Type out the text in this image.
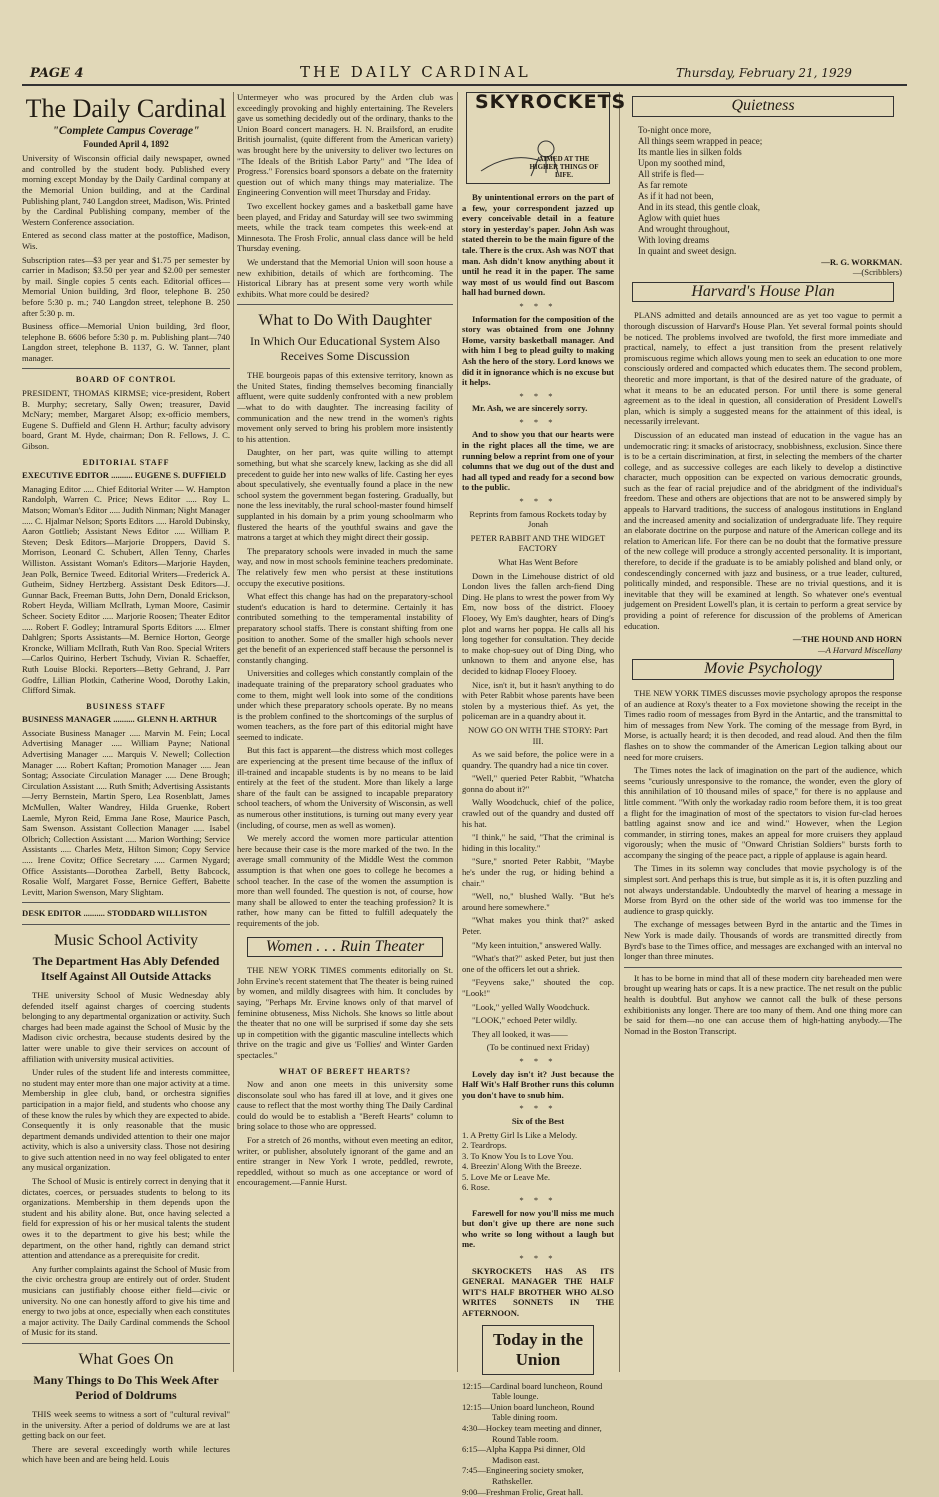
PAGE 4	THE DAILY CARDINAL	Thursday, February 21, 1929
The Daily Cardinal
"Complete Campus Coverage"
Founded April 4, 1892

University of Wisconsin official daily newspaper, owned and controlled by the student body. Published every morning except Monday by the Daily Cardinal company at the Memorial Union building, and at the Cardinal Publishing plant, 740 Langdon street, Madison, Wis. Printed by the Cardinal Publishing company, member of the Western Conference association.

Entered as second class matter at the postoffice, Madison, Wis.

Subscription rates—$3 per year and $1.75 per semester by carrier in Madison; $3.50 per year and $2.00 per semester by mail. Single copies 5 cents each. Editorial offices—Memorial Union building, 3rd floor, telephone B. 250 before 5:30 p. m.; 740 Langdon street, telephone B. 250 after 5:30 p. m.

Business office—Memorial Union building, 3rd floor, telephone B. 6606 before 5:30 p. m. Publishing plant—740 Langdon street, telephone B. 1137, G. W. Tanner, plant manager.

BOARD OF CONTROL

PRESIDENT, THOMAS KIRMSE; vice-president, Robert B. Murphy; secretary, Sally Owen; treasurer, David McNary; member, Margaret Alsop; ex-officio members, Eugene S. Duffield and Glenn H. Arthur; faculty advisory board, Grant M. Hyde, chairman; Don R. Fellows, J. C. Gibson.

EDITORIAL STAFF

EXECUTIVE EDITOR .......... EUGENE S. DUFFIELD

Managing Editor ..... Chief Editorial Writer — W. Hampton Randolph, Warren C. Price; News Editor ..... Roy L. Matson; Woman's Editor ..... Judith Ninman; Night Manager ..... C. Hjalmar Nelson; Sports Editors ..... Harold Dubinsky, Aaron Gottlieb; Assistant News Editor ..... William P. Steven; Desk Editors—Marjorie Droppers, David S. Morrison, Leonard C. Schubert, Allen Tenny, Charles Williston. Assistant Woman's Editors—Marjorie Hayden, Jean Polk, Bernice Tweed. Editorial Writers—Frederick A. Gutheim, Sidney Hertzberg. Assistant Desk Editors—J. Gunnar Back, Freeman Butts, John Dern, Donald Erickson, Robert Heyda, William McIlrath, Lyman Moore, Casimir Scheer. Society Editor ..... Marjorie Roosen; Theater Editor ..... Robert F. Godley; Intramural Sports Editors ..... Elmer Dahlgren; Sports Assistants—M. Bernice Horton, George Kroncke, William McIlrath, Ruth Van Roo. Special Writers—Carlos Quirino, Herbert Tschudy, Vivian R. Schaeffer, Ruth Louise Blocki. Reporters—Betty Gehrand, J. Parr Godfre, Lillian Plotkin, Catherine Wood, Dorothy Lakin, Clifford Simak.

BUSINESS STAFF

BUSINESS MANAGER .......... GLENN H. ARTHUR

Associate Business Manager ..... Marvin M. Fein; Local Advertising Manager ..... William Payne; National Advertising Manager ..... Marquis V. Newell; Collection Manager ..... Robert Kaftan; Promotion Manager ..... Jean Sontag; Associate Circulation Manager ..... Dene Brough; Circulation Assistant ..... Ruth Smith; Advertising Assistants—Jerry Bernstein, Martin Spero, Lea Rosenblatt, James McMullen, Walter Wandrey, Hilda Gruenke, Robert Laemle, Myron Reid, Emma Jane Rose, Maurice Pasch, Sam Swenson. Assistant Collection Manager ..... Isabel Olbrich; Collection Assistant ..... Marion Worthing; Service Assistants ..... Charles Metz, Hilton Simon; Copy Service ..... Irene Covitz; Office Secretary ..... Carmen Nygard; Office Assistants—Dorothea Zarbell, Betty Babcock, Rosalie Wolf, Margaret Fosse, Bernice Geffert, Babette Levitt, Marion Swenson, Mary Slightam.

DESK EDITOR .......... STODDARD WILLISTON

Music School Activity
The Department Has Ably Defended Itself Against All Outside Attacks

THE university School of Music Wednesday ably defended itself against charges of coercing students belonging to any departmental organization or activity. Such charges had been made against the School of Music by the Madison civic orchestra, because students desired by the latter were unable to give their services on account of affiliation with university musical activities.

Under rules of the student life and interests committee, no student may enter more than one major activity at a time. Membership in glee club, band, or orchestra signifies participation in a major field, and students who choose any of these know the rules by which they are expected to abide. Consequently it is only reasonable that the music department demands undivided attention to their one major activity, which is also a university class. Those not desiring to give such attention need in no way feel obligated to enter any musical organization.

The School of Music is entirely correct in denying that it dictates, coerces, or persuades students to belong to its organizations. Membership in them depends upon the student and his ability alone. But, once having selected a field for expression of his or her musical talents the student owes it to the department to give his best; while the department, on the other hand, rightly can demand strict attention and attendance as a prerequisite for credit.

Any further complaints against the School of Music from the civic orchestra group are entirely out of order. Student musicians can justifiably choose either field—civic or university. No one can honestly afford to give his time and energy to two jobs at once, especially when each constitutes a major activity. The Daily Cardinal commends the School of Music for its stand.

What Goes On
Many Things to Do This Week After Period of Doldrums

THIS week seems to witness a sort of "cultural revival" in the university. After a period of doldrums we are at last getting back on our feet.

There are several exceedingly worth while lectures which have been and are being held. Louis

Untermeyer who was procured by the Arden club was exceedingly provoking and highly entertaining. The Revelers gave us something decidedly out of the ordinary, thanks to the Union Board concert managers. H. N. Brailsford, an erudite British journalist, (quite different from the American variety) was brought here by the university to deliver two lectures on "The Ideals of the British Labor Party" and "The Idea of Progress." Forensics board sponsors a debate on the fraternity question out of which many things may materialize. The Engineering Convention will meet Thursday and Friday.

Two excellent hockey games and a basketball game have been played, and Friday and Saturday will see two swimming meets, while the track team competes this week-end at Minnesota. The Frosh Frolic, annual class dance will be held Thursday evening.

We understand that the Memorial Union will soon house a new exhibition, details of which are forthcoming. The Historical Library has at present some very worth while exhibits. What more could be desired?

What to Do With Daughter
In Which Our Educational System Also Receives Some Discussion

THE bourgeois papas of this extensive territory, known as the United States, finding themselves becoming financially affluent, were quite suddenly confronted with a new problem—what to do with daughter. The increasing facility of communication and the new trend in the women's rights movement only served to bring his problem more insistently to his attention.

Daughter, on her part, was quite willing to attempt something, but what she scarcely knew, lacking as she did all precedent to guide her into new walks of life. Casting her eyes about speculatively, she eventually found a place in the new school system the government began fostering. Gradually, but none the less inevitably, the rural school-master found himself supplanted in his domain by a prim young schoolmarm who flustered the hearts of the youthful swains and gave the matrons a target at which they might direct their gossip.

The preparatory schools were invaded in much the same way, and now in most schools feminine teachers predominate. The relatively few men who persist at these institutions occupy the executive positions.

What effect this change has had on the preparatory-school student's education is hard to determine. Certainly it has contributed something to the temperamental instability of preparatory school staffs. There is constant shifting from one position to another. Some of the smaller high schools never get the benefit of an experienced staff because the personnel is constantly changing.

Universities and colleges which constantly complain of the inadequate training of the preparatory school graduates who come to them, might well look into some of the conditions under which these preparatory schools operate. By no means is the problem confined to the shortcomings of the surplus of women teachers, as the fore part of this editorial might have seemed to indicate.

But this fact is apparent—the distress which most colleges are experiencing at the present time because of the influx of ill-trained and incapable students is by no means to be laid entirely at the feet of the student. More than likely a large share of the fault can be assigned to incapable preparatory school teachers, of whom the University of Wisconsin, as well as numerous other institutions, is turning out many every year (including, of course, men as well as women).

We merely accord the women more particular attention here because their case is the more marked of the two. In the average small community of the Middle West the common assumption is that when one goes to college he becomes a school teacher. In the case of the women the assumption is more than well founded. The question is not, of course, how many shall be allowed to enter the teaching profession? It is rather, how many can be fitted to fulfill adequately the requirements of the job.

Women . . . Ruin Theater

THE NEW YORK TIMES comments editorially on St. John Ervine's recent statement that The theater is being ruined by women, and mildly disagrees with him. It concludes by saying, "Perhaps Mr. Ervine knows only of that marvel of feminine obtuseness, Miss Nichols. She knows so little about the theater that no one will be surprised if some day she sets up in competition with the gigantic masculine intellects which thrive on the tragic and give us 'Follies' and Winter Garden spectacles."

WHAT OF BEREFT HEARTS?

Now and anon one meets in this university some disconsolate soul who has fared ill at love, and it gives one cause to reflect that the most worthy thing The Daily Cardinal could do would be to establish a "Bereft Hearts" column to bring solace to those who are oppressed.

For a stretch of 26 months, without even meeting an editor, writer, or publisher, absolutely ignorant of the game and an entire stranger in New York I wrote, peddled, rewrote, repeddled, without so much as one acceptance or word of encouragement.—Fannie Hurst.

SKYROCKETS
AIMED AT THE HIGHER THINGS OF LIFE.

By unintentional errors on the part of a few, your correspondent jazzed up every conceivable detail in a feature story in yesterday's paper. John Ash was stated therein to be the main figure of the tale. There is the crux. Ash was NOT that man. Ash didn't know anything about it until he read it in the paper. The same way most of us would find out Bascom hall had burned down.

* * *

Information for the composition of the story was obtained from one Johnny Home, varsity basketball manager. And with him I beg to plead guilty to making Ash the hero of the story. Lord knows we did it in ignorance which is no excuse but it helps.

* * *

Mr. Ash, we are sincerely sorry.

* * *

And to show you that our hearts were in the right places all the time, we are running below a reprint from one of your columns that we dug out of the dust and had all typed and ready for a second bow to the public.

* * *

Reprints from famous Rockets today by Jonah

PETER RABBIT AND THE WIDGET FACTORY

What Has Went Before

Down in the Limehouse district of old London lives the fallen arch-fiend Ding Ding. He plans to wrest the power from Wy Em, now boss of the district. Flooey Flooey, Wy Em's daughter, hears of Ding's plot and warns her poppa. He calls all his long together for consultation. They decide to make chop-suey out of Ding Ding, who unknown to them and anyone else, has decided to kidnap Flooey Flooey.

Nice, isn't it, but it hasn't anything to do with Peter Rabbit whose parents have been stolen by a mysterious thief. As yet, the policeman are in a quandry about it.

NOW GO ON WITH THE STORY: Part III.

As we said before, the police were in a quandry. The quandry had a nice tin cover.

"Well," queried Peter Rabbit, "Whatcha gonna do about it?"

Wally Woodchuck, chief of the police, crawled out of the quandry and dusted off his hat.

"I think," he said, "That the criminal is hiding in this locality."

"Sure," snorted Peter Rabbit, "Maybe he's under the rug, or hiding behind a chair."

"Well, no," blushed Wally. "But he's around here somewhere."

"What makes you think that?" asked Peter.

"My keen intuition," answered Wally.

"What's that?" asked Peter, but just then one of the officers let out a shriek.

"Feyvens sake," shouted the cop. "Look!"

"Look," yelled Wally Woodchuck.

"LOOK," echoed Peter wildly.

They all looked, it was——

(To be continued next Friday)

* * *

Lovely day isn't it? Just because the Half Wit's Half Brother runs this column you don't have to snub him.

* * *

Six of the Best

1. A Pretty Girl Is Like a Melody.
2. Teardrops.
3. To Know You Is to Love You.
4. Breezin' Along With the Breeze.
5. Love Me or Leave Me.
6. Rose.
* * *

Farewell for now you'll miss me much but don't give up there are none such who write so long without a laugh but me.

* * *

SKYROCKETS HAS AS ITS GENERAL MANAGER THE HALF WIT'S HALF BROTHER WHO ALSO WRITES SONNETS IN THE AFTERNOON.

Today in the Union
12:15—Cardinal board luncheon, Round Table lounge.
12:15—Union board luncheon, Round Table dining room.
4:30—Hockey team meeting and dinner, Round Table room.
6:15—Alpha Kappa Psi dinner, Old Madison east.
7:45—Engineering society smoker, Rathskeller.
9:00—Freshman Frolic, Great hall.
Quietness
To-night once more,
All things seem wrapped in peace;
Its mantle lies in silken folds
Upon my soothed mind,
All strife is fled—
As far remote
As if it had not been,
And in its stead, this gentle cloak,
Aglow with quiet hues
And wrought throughout,
With loving dreams
In quaint and sweet design.
—R. G. WORKMAN.
—(Scribblers)
Harvard's House Plan

PLANS admitted and details announced are as yet too vague to permit a thorough discussion of Harvard's House Plan. Yet several formal points should be noticed. The problems involved are twofold, the first more immediate and practical, namely, to effect a just transition from the present relatively promiscuous regime which allows young men to seek an education to one more consciously ordered and compacted which educates them. The second problem, theoretic and more important, is that of the desired nature of the graduate, of what it means to be an educated person. For until there is some general agreement as to the ideal in question, all consideration of President Lowell's plan, which is simply a suggested means for the attainment of this ideal, is necessarily irrelevant.

Discussion of an educated man instead of education in the vague has an undemocratic ring: it smacks of aristocracy, snobbishness, exclusion. Since there is to be a certain discrimination, at first, in selecting the members of the charter college, and as successive colleges are each likely to develop a distinctive character, much opposition can be expected on various democratic grounds, such as the fear of racial prejudice and of the abridgment of the individual's freedom. These and others are objections that are not to be answered simply by appeals to Harvard traditions, the success of analogous institutions in England and the increased amenity and socialization of undergraduate life. They require an elaborate doctrine on the purpose and nature of the American college and its relation to American life. For there can be no doubt that the formative pressure of the new college will produce a strongly accented personality. It is important, therefore, to decide if the graduate is to be amiably polished and bland only, or condescendingly concerned with jazz and business, or a true leader, cultured, politically minded, and responsible. These are no trivial questions, and it is inevitable that they will be examined at length. So whatever one's eventual judgement on President Lowell's plan, it is certain to perform a great service by providing a point of reference for discussion of the problems of American education.

—THE HOUND AND HORN
—A Harvard Miscellany
Movie Psychology

THE NEW YORK TIMES discusses movie psychology apropos the response of an audience at Roxy's theater to a Fox movietone showing the receipt in the Times radio room of messages from Byrd in the Antartic, and the transmittal to him of messages from New York. The coming of the message from Byrd, in Morse, is actually heard; it is then decoded, and read aloud. And then the film flashes on to show the commander of the American Legion talking about our need for more cruisers.

The Times notes the lack of imagination on the part of the audience, which seems "curiously unresponsive to the romance, the wonder, even the glory of this annihilation of 10 thousand miles of space," for there is no applause and little comment. "With only the workaday radio room before them, it is too great a flight for the imagination of most of the spectators to vision fur-clad heroes battling against snow and ice and wind." However, when the Legion commander, in stirring tones, makes an appeal for more cruisers they applaud vigorously; when the music of "Onward Christian Soldiers" bursts forth to accompany the singing of the peace pact, a ripple of applause is again heard.

The Times in its solemn way concludes that movie psychology is of the simplest sort. And perhaps this is true, but simple as it is, it is often puzzling and not always understandable. Undoubtedly the marvel of hearing a message in Morse from Byrd on the other side of the world was too immense for the audience to grasp quickly.

The exchange of messages between Byrd in the antartic and the Times in New York is made daily. Thousands of words are transmitted directly from Byrd's base to the Times office, and messages are exchanged with an interval no longer than three minutes.

It has to be borne in mind that all of these modern city bareheaded men were brought up wearing hats or caps. It is a new practice. The net result on the public health is doubtful. But anyhow we cannot call the bulk of these persons exhibitionists any longer. There are too many of them. And one thing more can be said for them—no one can accuse them of high-hatting anybody.—The Nomad in the Boston Transcript.
